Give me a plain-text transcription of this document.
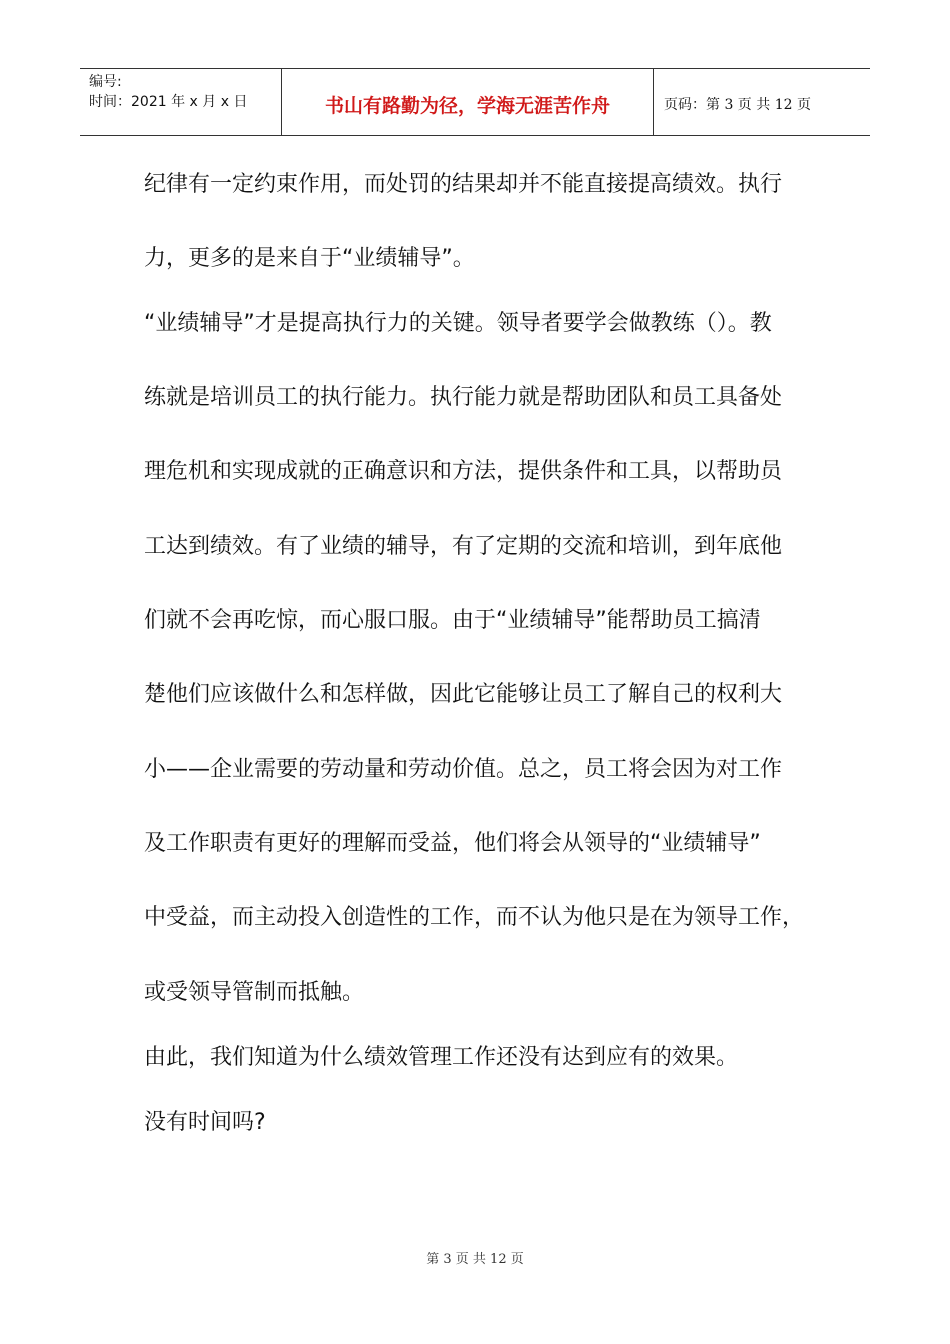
编号:
时间：2021 年 x 月 x 日	书山有路勤为径，学海无涯苦作舟	页码：第 3 页 共 12 页
纪律有一定约束作用，而处罚的结果却并不能直接提高绩效。执行
力，更多的是来自于“业绩辅导”。
“业绩辅导”才是提高执行力的关键。领导者要学会做教练（）。教
练就是培训员工的执行能力。执行能力就是帮助团队和员工具备处
理危机和实现成就的正确意识和方法，提供条件和工具，以帮助员
工达到绩效。有了业绩的辅导，有了定期的交流和培训，到年底他
们就不会再吃惊，而心服口服。由于“业绩辅导”能帮助员工搞清
楚他们应该做什么和怎样做，因此它能够让员工了解自己的权利大
小——企业需要的劳动量和劳动价值。总之，员工将会因为对工作
及工作职责有更好的理解而受益，他们将会从领导的“业绩辅导”
中受益，而主动投入创造性的工作，而不认为他只是在为领导工作，
或受领导管制而抵触。
由此，我们知道为什么绩效管理工作还没有达到应有的效果。
没有时间吗?
第 3 页 共 12 页
